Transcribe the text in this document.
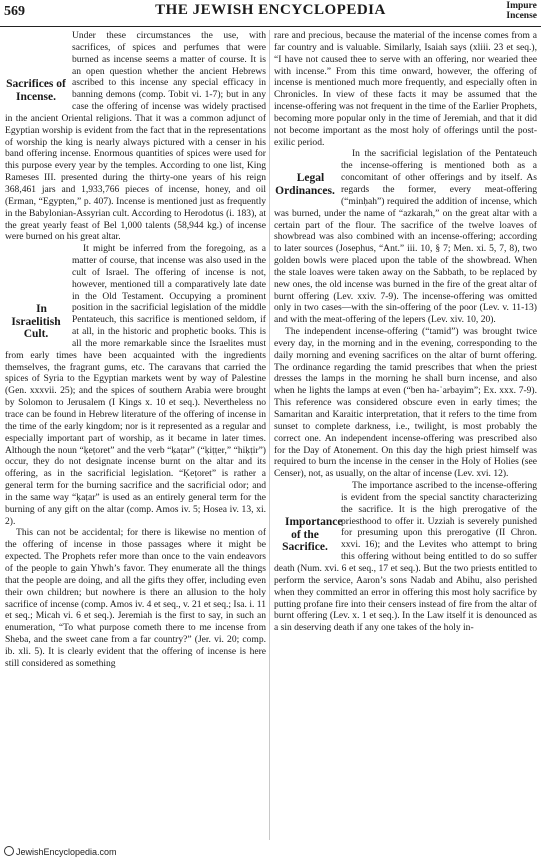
569	THE JEWISH ENCYCLOPEDIA	Impure
Incense

Sacrifices of Incense.
Under these circumstances the use, with sacrifices, of spices and perfumes that were burned as incense seems a matter of course. It is an open question whether the ancient Hebrews ascribed to this incense any special efficacy in banning demons (comp. Tobit vi. 1-7); but in any case the offering of incense was widely practised in the ancient Oriental religions. That it was a common adjunct of Egyptian worship is evident from the fact that in the representations of worship the king is nearly always pictured with a censer in his band offering incense. Enormous quantities of spices were used for this purpose every year by the temples. According to one list, King Rameses III. presented during the thirty-one years of his reign 368,461 jars and 1,933,766 pieces of incense, honey, and oil (Erman, “Egypten,” p. 407). Incense is mentioned just as frequently in the Babylonian-Assyrian cult. According to Herodotus (i. 183), at the great yearly feast of Bel 1,000 talents (58,944 kg.) of incense were burned on his great altar.

In Israelitish Cult.
It might be inferred from the foregoing, as a matter of course, that incense was also used in the cult of Israel. The offering of incense is not, however, mentioned till a comparatively late date in the Old Testament. Occupying a prominent position in the sacrificial legislation of the middle Pentateuch, this sacrifice is mentioned seldom, if at all, in the historic and prophetic books. This is all the more remarkable since the Israelites must from early times have been acquainted with the ingredients themselves, the fragrant gums, etc. The caravans that carried the spices of Syria to the Egyptian markets went by way of Palestine (Gen. xxxvii. 25); and the spices of southern Arabia were brought by Solomon to Jerusalem (I Kings x. 10 et seq.). Nevertheless no trace can be found in Hebrew literature of the offering of incense in the time of the early kingdom; nor is it represented as a regular and especially important part of worship, as it became in later times. Although the noun “ḳeṭoret” and the verb “ḳaṭar” (“ḳiṭṭer,” “hiḳṭir”) occur, they do not designate incense burnt on the altar and its offering, as in the sacrificial legislation. “Ḳeṭoret” is rather a general term for the burning sacrifice and the sacrificial odor; and in the same way “ḳaṭar” is used as an entirely general term for the burning of any gift on the altar (comp. Amos iv. 5; Hosea iv. 13, xi. 2).

This can not be accidental; for there is likewise no mention of the offering of incense in those passages where it might be expected. The Prophets refer more than once to the vain endeavors of the people to gain Yhwh’s favor. They enumerate all the things that the people are doing, and all the gifts they offer, including even their own children; but nowhere is there an allusion to the holy sacrifice of incense (comp. Amos iv. 4 et seq., v. 21 et seq.; Isa. i. 11 et seq.; Micah vi. 6 et seq.). Jeremiah is the first to say, in such an enumeration, “To what purpose cometh there to me incense from Sheba, and the sweet cane from a far country?” (Jer. vi. 20; comp. ib. xli. 5). It is clearly evident that the offering of incense is here still considered as something

rare and precious, because the material of the incense comes from a far country and is valuable. Similarly, Isaiah says (xliii. 23 et seq.), “I have not caused thee to serve with an offering, nor wearied thee with incense.” From this time onward, however, the offering of incense is mentioned much more frequently, and especially often in Chronicles. In view of these facts it may be assumed that the incense-offering was not frequent in the time of the Earlier Prophets, becoming more popular only in the time of Jeremiah, and that it did not become important as the most holy of offerings until the post-exilic period.

Legal Ordinances.
In the sacrificial legislation of the Pentateuch the incense-offering is mentioned both as a concomitant of other offerings and by itself. As regards the former, every meat-offering (“minḥah”) required the addition of incense, which was burned, under the name of “azkarah,” on the great altar with a certain part of the flour. The sacrifice of the twelve loaves of showbread was also combined with an incense-offering; according to later sources (Josephus, “Ant.” iii. 10, § 7; Men. xi. 5, 7, 8), two golden bowls were placed upon the table of the showbread. When the stale loaves were taken away on the Sabbath, to be replaced by new ones, the old incense was burned in the fire of the great altar of burnt offering (Lev. xxiv. 7-9). The incense-offering was omitted only in two cases—with the sin-offering of the poor (Lev. v. 11-13) and with the meat-offering of the lepers (Lev. xiv. 10, 20).

The independent incense-offering (“tamid”) was brought twice every day, in the morning and in the evening, corresponding to the daily morning and evening sacrifices on the altar of burnt offering. The ordinance regarding the tamid prescribes that when the priest dresses the lamps in the morning he shall burn incense, and also when he lights the lamps at even (“ben ha-ʿarbayim”; Ex. xxx. 7-9). This reference was considered obscure even in early times; the Samaritan and Karaitic interpretation, that it refers to the time from sunset to complete darkness, i.e., twilight, is most probably the correct one. An independent incense-offering was prescribed also for the Day of Atonement. On this day the high priest himself was required to burn the incense in the censer in the Holy of Holies (see Censer), not, as usually, on the altar of incense (Lev. xvi. 12).

Importance of the Sacrifice.
The importance ascribed to the incense-offering is evident from the special sanctity characterizing the sacrifice. It is the high prerogative of the priesthood to offer it. Uzziah is severely punished for presuming upon this prerogative (II Chron. xxvi. 16); and the Levites who attempt to bring this offering without being entitled to do so suffer death (Num. xvi. 6 et seq., 17 et seq.). But the two priests entitled to perform the service, Aaron’s sons Nadab and Abihu, also perished when they committed an error in offering this most holy sacrifice by putting profane fire into their censers instead of fire from the altar of burnt offering (Lev. x. 1 et seq.). In the Law itself it is denounced as a sin deserving death if any one takes of the holy in-

JewishEncyclopedia.com
